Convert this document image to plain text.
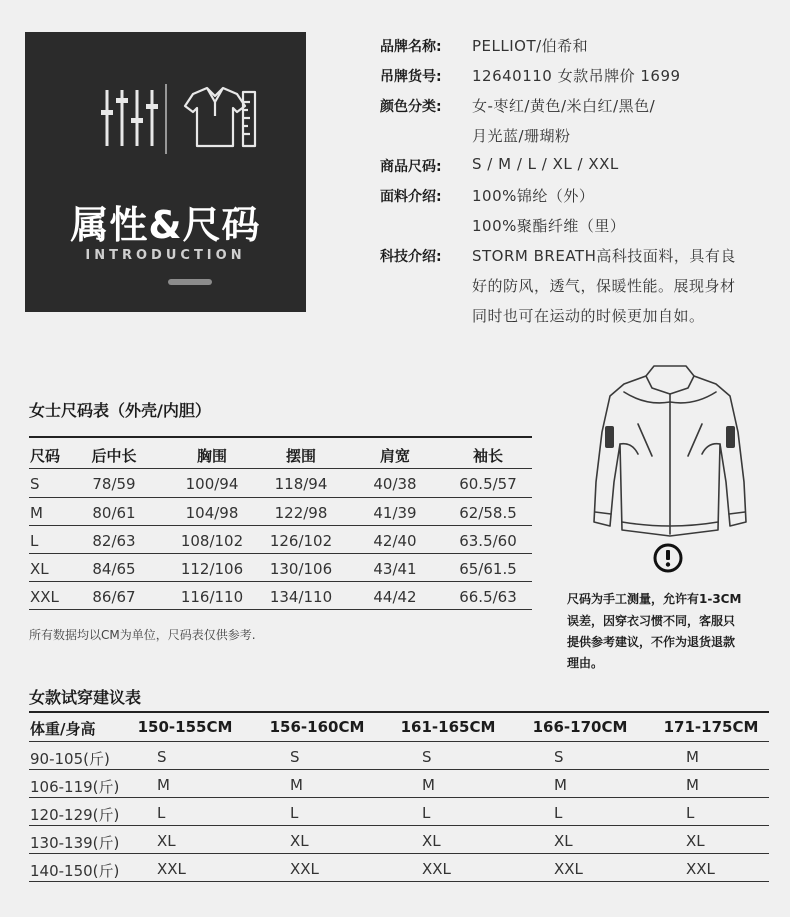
属性&尺码
INTRODUCTION
品牌名称: PELLIOT/伯希和
吊牌货号: 12640110 女款吊牌价 1699
颜色分类: 女-枣红/黄色/米白红/黑色/
月光蓝/珊瑚粉
商品尺码: S / M / L / XL / XXL
面料介绍: 100%锦纶（外）
100%聚酯纤维（里）
科技介绍: STORM BREATH高科技面料，具有良
好的防风，透气，保暖性能。展现身材
同时也可在运动的时候更加自如。
女士尺码表（外壳/内胆）
尺码	后中长	胸围	摆围	肩宽	袖长
S	78/59	100/94	118/94	40/38	60.5/57
M	80/61	104/98	122/98	41/39	62/58.5
L	82/63	108/102	126/102	42/40	63.5/60
XL	84/65	112/106	130/106	43/41	65/61.5
XXL	86/67	116/110	134/110	44/42	66.5/63
所有数据均以CM为单位，尺码表仅供参考.
尺码为手工测量，允许有1-3CM
误差，因穿衣习惯不同，客服只
提供参考建议，不作为退货退款
理由。
女款试穿建议表
体重/身高	150-155CM	156-160CM	161-165CM	166-170CM	171-175CM
90-105(斤)	S	S	S	S	M
106-119(斤)	M	M	M	M	M
120-129(斤)	L	L	L	L	L
130-139(斤)	XL	XL	XL	XL	XL
140-150(斤)	XXL	XXL	XXL	XXL	XXL
